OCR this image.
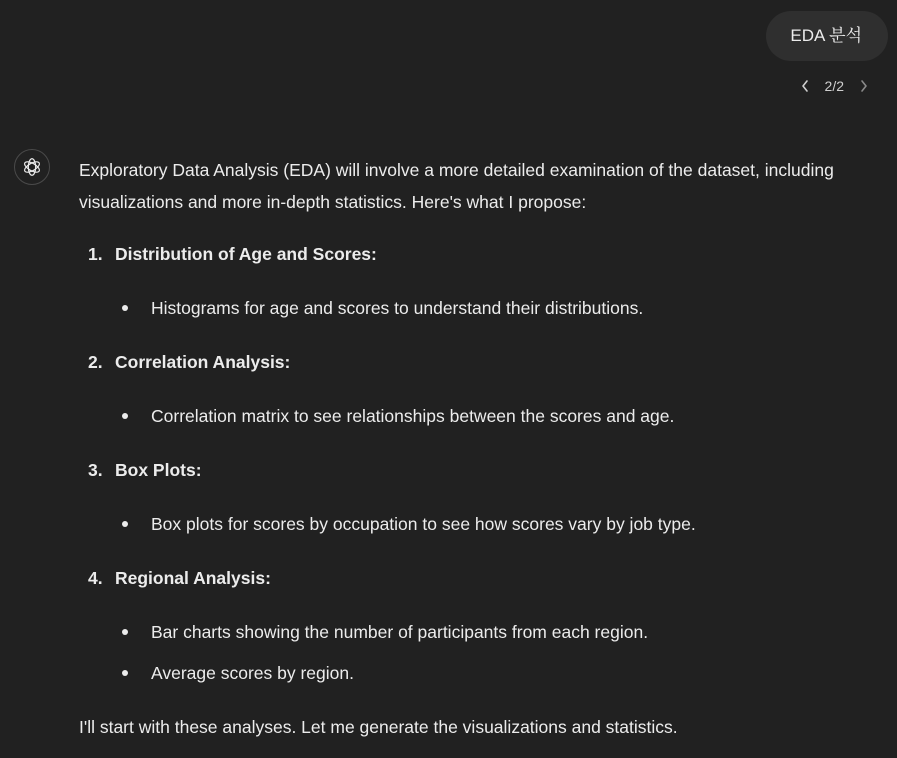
EDA 분석
2/2

Exploratory Data Analysis (EDA) will involve a more detailed examination of the dataset, including visualizations and more in-depth statistics. Here's what I propose:

1. Distribution of Age and Scores:
Histograms for age and scores to understand their distributions.
2. Correlation Analysis:
Correlation matrix to see relationships between the scores and age.
3. Box Plots:
Box plots for scores by occupation to see how scores vary by job type.
4. Regional Analysis:
Bar charts showing the number of participants from each region.
Average scores by region.

I'll start with these analyses. Let me generate the visualizations and statistics.
